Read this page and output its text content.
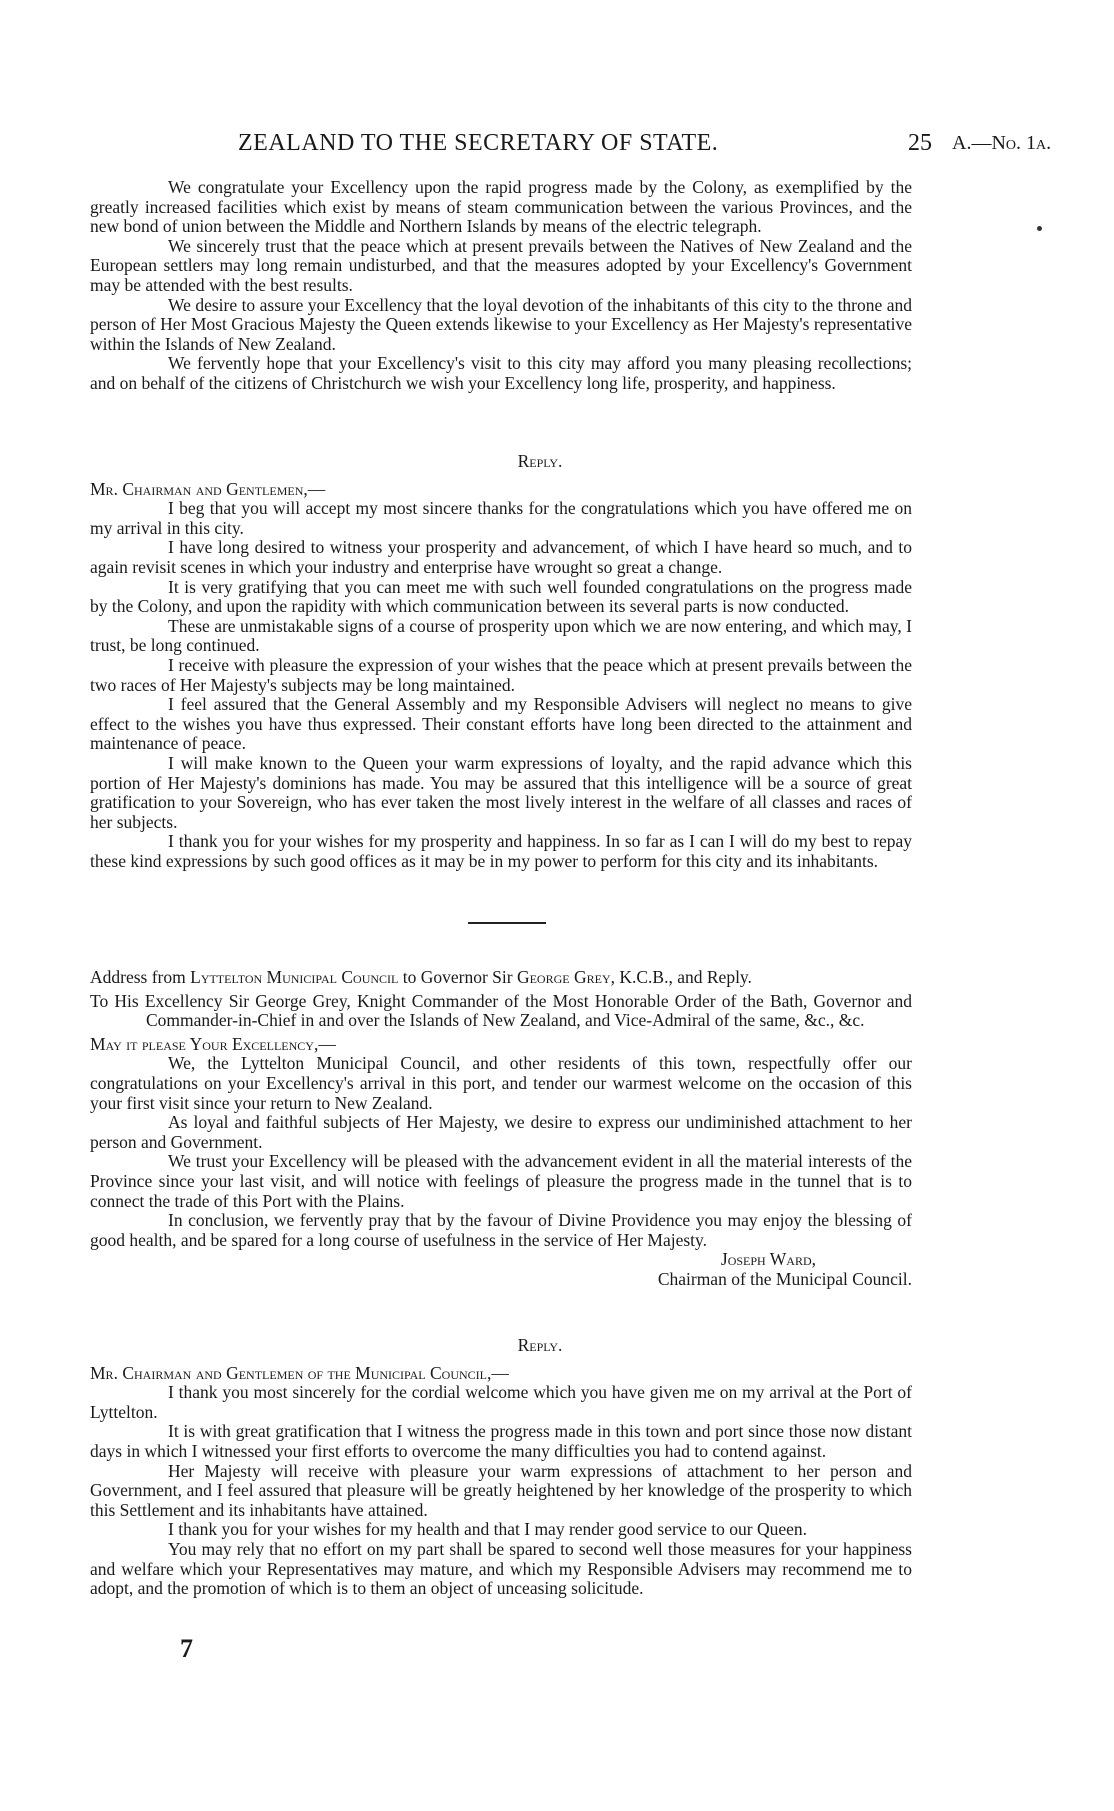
ZEALAND TO THE SECRETARY OF STATE.	25 A.—No. 1a.

We congratulate your Excellency upon the rapid progress made by the Colony, as exemplified by the greatly increased facilities which exist by means of steam communication between the various Provinces, and the new bond of union between the Middle and Northern Islands by means of the electric telegraph.

We sincerely trust that the peace which at present prevails between the Natives of New Zealand and the European settlers may long remain undisturbed, and that the measures adopted by your Excellency's Government may be attended with the best results.

We desire to assure your Excellency that the loyal devotion of the inhabitants of this city to the throne and person of Her Most Gracious Majesty the Queen extends likewise to your Excellency as Her Majesty's representative within the Islands of New Zealand.

We fervently hope that your Excellency's visit to this city may afford you many pleasing recollections; and on behalf of the citizens of Christchurch we wish your Excellency long life, prosperity, and happiness.

Reply.

Mr. Chairman and Gentlemen,—

I beg that you will accept my most sincere thanks for the congratulations which you have offered me on my arrival in this city.

I have long desired to witness your prosperity and advancement, of which I have heard so much, and to again revisit scenes in which your industry and enterprise have wrought so great a change.

It is very gratifying that you can meet me with such well founded congratulations on the progress made by the Colony, and upon the rapidity with which communication between its several parts is now conducted.

These are unmistakable signs of a course of prosperity upon which we are now entering, and which may, I trust, be long continued.

I receive with pleasure the expression of your wishes that the peace which at present prevails between the two races of Her Majesty's subjects may be long maintained.

I feel assured that the General Assembly and my Responsible Advisers will neglect no means to give effect to the wishes you have thus expressed. Their constant efforts have long been directed to the attainment and maintenance of peace.

I will make known to the Queen your warm expressions of loyalty, and the rapid advance which this portion of Her Majesty's dominions has made. You may be assured that this intelligence will be a source of great gratification to your Sovereign, who has ever taken the most lively interest in the welfare of all classes and races of her subjects.

I thank you for your wishes for my prosperity and happiness. In so far as I can I will do my best to repay these kind expressions by such good offices as it may be in my power to perform for this city and its inhabitants.

Address from Lyttelton Municipal Council to Governor Sir George Grey, K.C.B., and Reply.

To His Excellency Sir George Grey, Knight Commander of the Most Honorable Order of the Bath, Governor and Commander-in-Chief in and over the Islands of New Zealand, and Vice-Admiral of the same, &c., &c.

May it please Your Excellency,—

We, the Lyttelton Municipal Council, and other residents of this town, respectfully offer our congratulations on your Excellency's arrival in this port, and tender our warmest welcome on the occasion of this your first visit since your return to New Zealand.

As loyal and faithful subjects of Her Majesty, we desire to express our undiminished attachment to her person and Government.

We trust your Excellency will be pleased with the advancement evident in all the material interests of the Province since your last visit, and will notice with feelings of pleasure the progress made in the tunnel that is to connect the trade of this Port with the Plains.

In conclusion, we fervently pray that by the favour of Divine Providence you may enjoy the blessing of good health, and be spared for a long course of usefulness in the service of Her Majesty.

Joseph Ward,

Chairman of the Municipal Council.

Reply.

Mr. Chairman and Gentlemen of the Municipal Council,—

I thank you most sincerely for the cordial welcome which you have given me on my arrival at the Port of Lyttelton.

It is with great gratification that I witness the progress made in this town and port since those now distant days in which I witnessed your first efforts to overcome the many difficulties you had to contend against.

Her Majesty will receive with pleasure your warm expressions of attachment to her person and Government, and I feel assured that pleasure will be greatly heightened by her knowledge of the prosperity to which this Settlement and its inhabitants have attained.

I thank you for your wishes for my health and that I may render good service to our Queen.

You may rely that no effort on my part shall be spared to second well those measures for your happiness and welfare which your Representatives may mature, and which my Responsible Advisers may recommend me to adopt, and the promotion of which is to them an object of unceasing solicitude.

7
